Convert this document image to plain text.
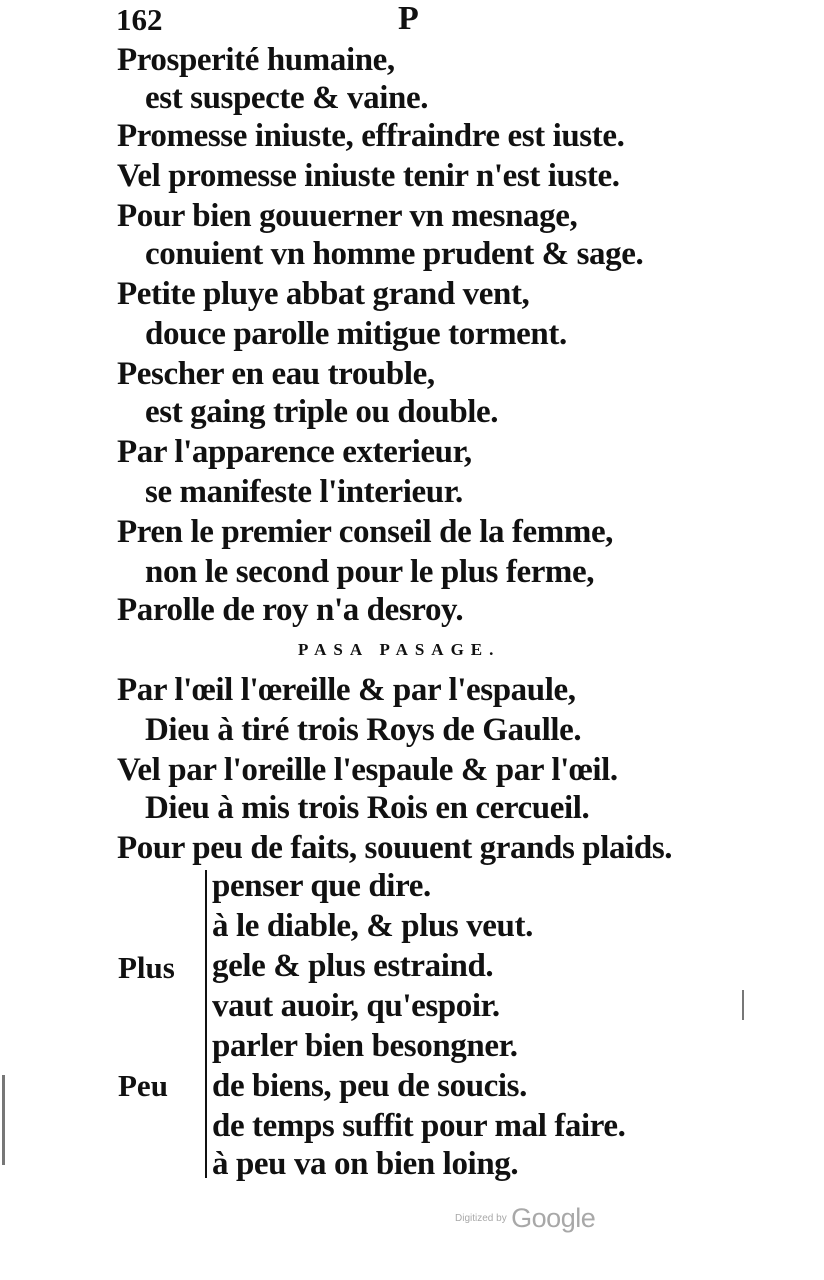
162	P
Prosperité humaine,
est suspecte & vaine.
Promesse iniuste, effraindre est iuste.
Vel promesse iniuste tenir n'est iuste.
Pour bien gouuerner vn mesnage,
conuient vn homme prudent & sage.
Petite pluye abbat grand vent,
douce parolle mitigue torment.
Pescher en eau trouble,
est gaing triple ou double.
Par l'apparence exterieur,
se manifeste l'interieur.
Pren le premier conseil de la femme,
non le second pour le plus ferme,
Parolle de roy n'a desroy.
PASA PASAGE.
Par l'œil l'œreille & par l'espaule,
Dieu à tiré trois Roys de Gaulle.
Vel par l'oreille l'espaule & par l'œil.
Dieu à mis trois Rois en cercueil.
Pour peu de faits, souuent grands plaids.
Plus
Peu
penser que dire.
à le diable, & plus veut.
gele & plus estraind.
vaut auoir, qu'espoir.
parler bien besongner.
de biens, peu de soucis.
de temps suffit pour mal faire.
à peu va on bien loing.
Digitized by Google
